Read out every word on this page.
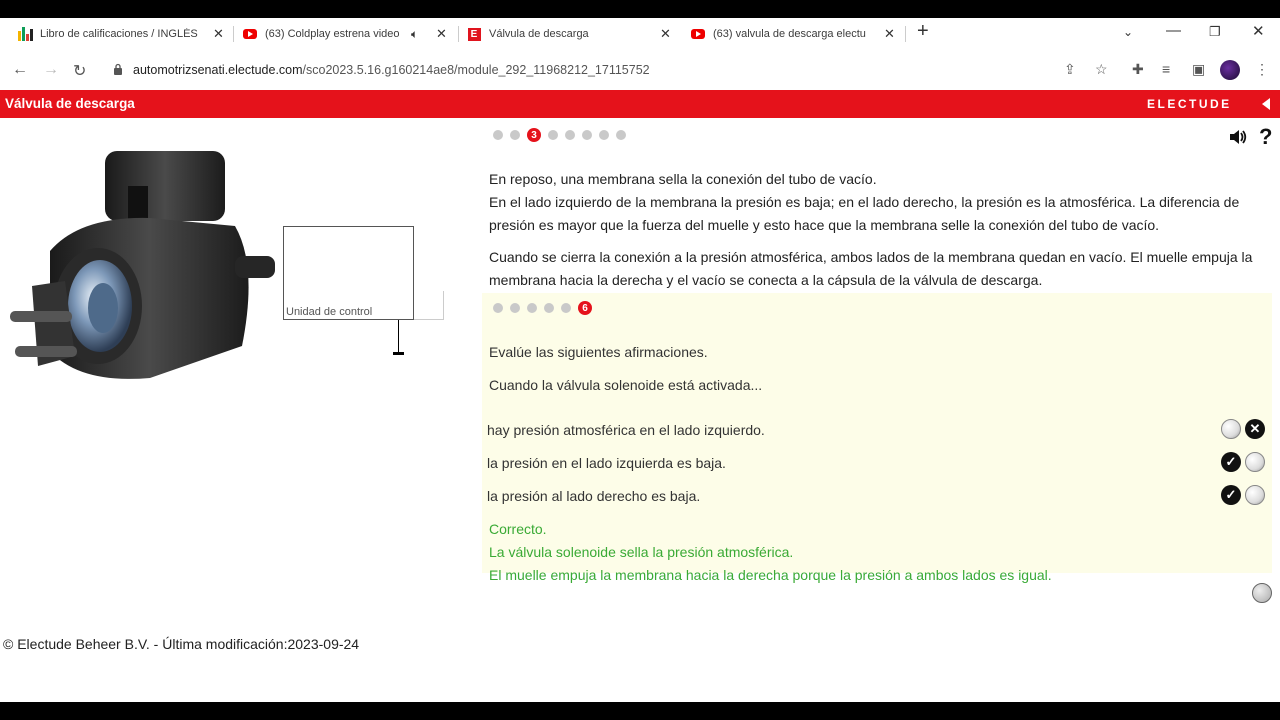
Libro de calificaciones / INGLÉS ✕	(63) Coldplay estrena video 🔈︎ ✕	E Válvula de descarga	✕	(63) valvula de descarga electu	✕ +	⌄ — ❐ ✕
← → ↻	automotrizsenati.electude.com/sco2023.5.16.g160214ae8/module_292_11968212_17115752	⇪ ☆ ✚ ≡ ▣	⋮
Válvula de descarga	ELECTUDE
Unidad de control
3	?
En reposo, una membrana sella la conexión del tubo de vacío.
En el lado izquierdo de la membrana la presión es baja; en el lado derecho, la presión es la atmosférica. La diferencia de presión es mayor que la fuerza del muelle y esto hace que la membrana selle la conexión del tubo de vacío.
Cuando se cierra la conexión a la presión atmosférica, ambos lados de la membrana quedan en vacío. El muelle empuja la membrana hacia la derecha y el vacío se conecta a la cápsula de la válvula de descarga.
6
Evalúe las siguientes afirmaciones.
Cuando la válvula solenoide está activada...
hay presión atmosférica en el lado izquierdo.	✕
la presión en el lado izquierda es baja.	✓
la presión al lado derecho es baja.	✓
Correcto.
La válvula solenoide sella la presión atmosférica.
El muelle empuja la membrana hacia la derecha porque la presión a ambos lados es igual.
© Electude Beheer B.V. - Última modificación:2023-09-24
